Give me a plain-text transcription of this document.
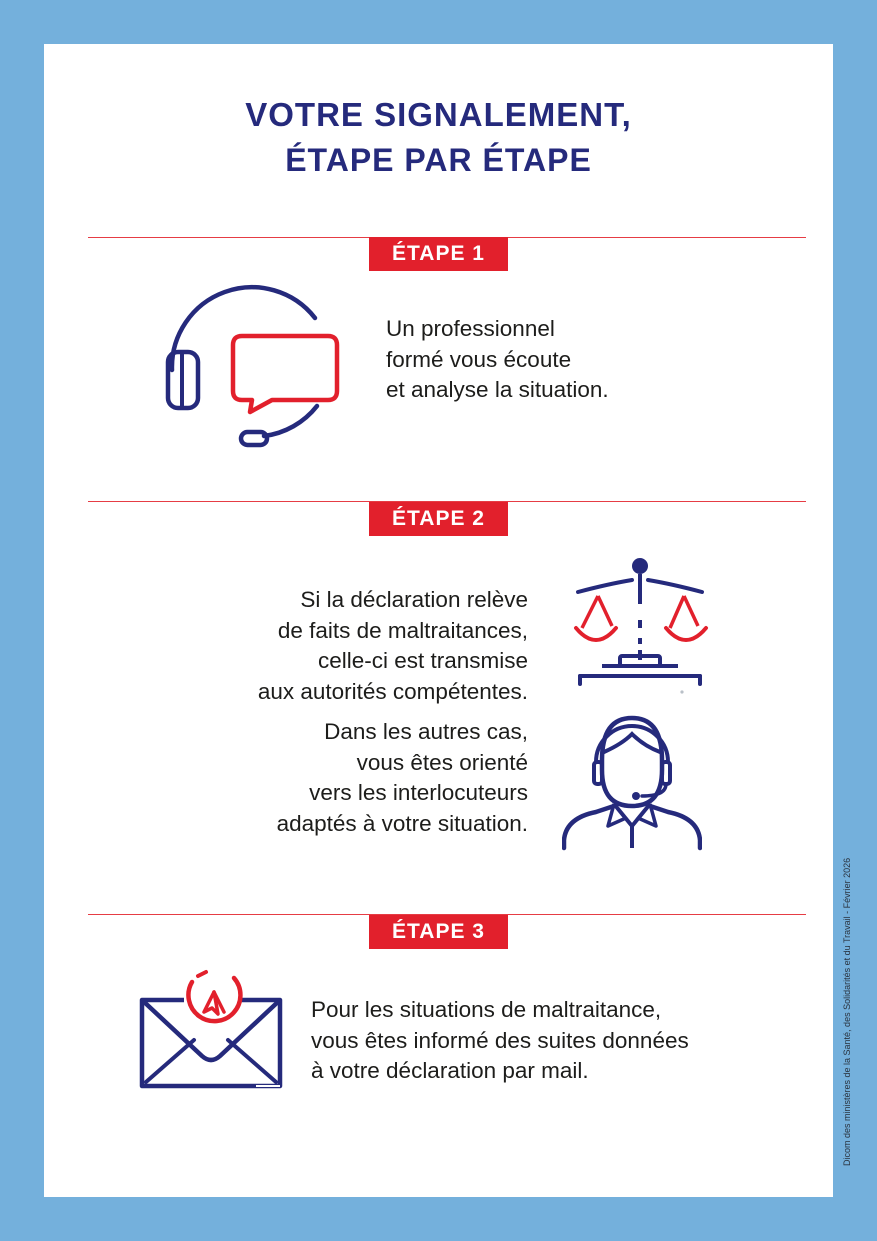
VOTRE SIGNALEMENT,
ÉTAPE PAR ÉTAPE
ÉTAPE 1
Un professionnel
formé vous écoute
et analyse la situation.
ÉTAPE 2
Si la déclaration relève
de faits de maltraitances,
celle-ci est transmise
aux autorités compétentes.
Dans les autres cas,
vous êtes orienté
vers les interlocuteurs
adaptés à votre situation.
ÉTAPE 3
Pour les situations de maltraitance,
vous êtes informé des suites données
à votre déclaration par mail.	Dicom des ministères de la Santé, des Solidarités et du Travail - Février 2026
